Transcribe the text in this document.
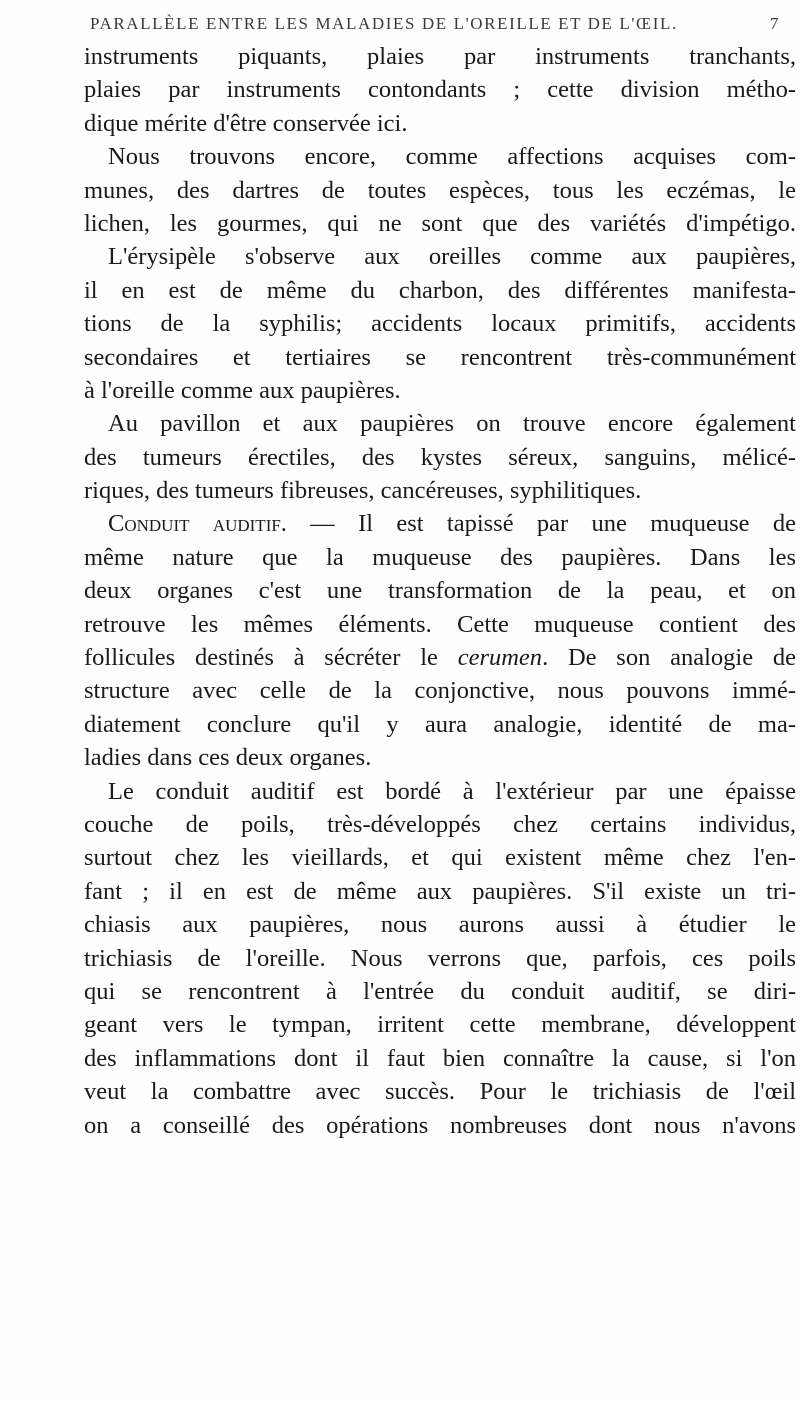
PARALLÈLE ENTRE LES MALADIES DE L'OREILLE ET DE L'ŒIL.	7
instruments piquants, plaies par instruments tranchants,
plaies par instruments contondants ; cette division métho-
dique mérite d'être conservée ici.
Nous trouvons encore, comme affections acquises com-
munes, des dartres de toutes espèces, tous les eczémas, le
lichen, les gourmes, qui ne sont que des variétés d'impétigo.
L'érysipèle s'observe aux oreilles comme aux paupières,
il en est de même du charbon, des différentes manifesta-
tions de la syphilis; accidents locaux primitifs, accidents
secondaires et tertiaires se rencontrent très-communément
à l'oreille comme aux paupières.
Au pavillon et aux paupières on trouve encore également
des tumeurs érectiles, des kystes séreux, sanguins, mélicé-
riques, des tumeurs fibreuses, cancéreuses, syphilitiques.
Conduit auditif. — Il est tapissé par une muqueuse de
même nature que la muqueuse des paupières. Dans les
deux organes c'est une transformation de la peau, et on
retrouve les mêmes éléments. Cette muqueuse contient des
follicules destinés à sécréter le cerumen. De son analogie de
structure avec celle de la conjonctive, nous pouvons immé-
diatement conclure qu'il y aura analogie, identité de ma-
ladies dans ces deux organes.
Le conduit auditif est bordé à l'extérieur par une épaisse
couche de poils, très-développés chez certains individus,
surtout chez les vieillards, et qui existent même chez l'en-
fant ; il en est de même aux paupières. S'il existe un tri-
chiasis aux paupières, nous aurons aussi à étudier le
trichiasis de l'oreille. Nous verrons que, parfois, ces poils
qui se rencontrent à l'entrée du conduit auditif, se diri-
geant vers le tympan, irritent cette membrane, développent
des inflammations dont il faut bien connaître la cause, si l'on
veut la combattre avec succès. Pour le trichiasis de l'œil
on a conseillé des opérations nombreuses dont nous n'avons
